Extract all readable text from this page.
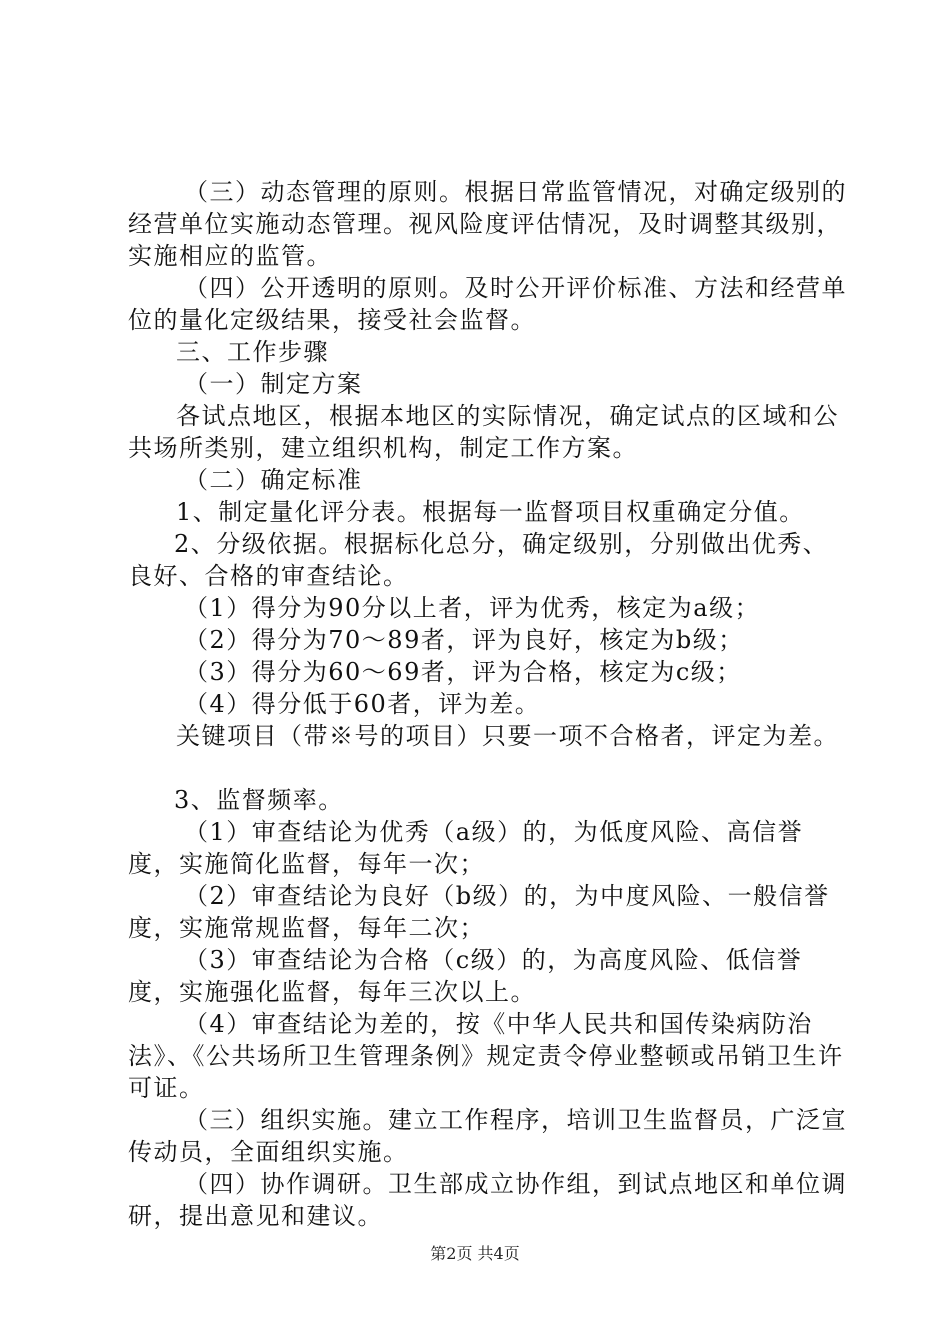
（三）动态管理的原则。根据日常监管情况，对确定级别的经营单位实施动态管理。视风险度评估情况，及时调整其级别，实施相应的监管。

（四）公开透明的原则。及时公开评价标准、方法和经营单位的量化定级结果，接受社会监督。

三、工作步骤

（一）制定方案

各试点地区，根据本地区的实际情况，确定试点的区域和公共场所类别，建立组织机构，制定工作方案。

（二）确定标准

1、制定量化评分表。根据每一监督项目权重确定分值。

2、分级依据。根据标化总分，确定级别，分别做出优秀、良好、合格的审查结论。

（1）得分为90分以上者，评为优秀，核定为a级；

（2）得分为70～89者，评为良好，核定为b级；

（3）得分为60～69者，评为合格，核定为c级；

（4）得分低于60者，评为差。

关键项目（带※号的项目）只要一项不合格者，评定为差。

3、监督频率。

（1）审查结论为优秀（a级）的，为低度风险、高信誉度，实施简化监督，每年一次；

（2）审查结论为良好（b级）的，为中度风险、一般信誉度，实施常规监督，每年二次；

（3）审查结论为合格（c级）的，为高度风险、低信誉度，实施强化监督，每年三次以上。

（4）审查结论为差的，按《中华人民共和国传染病防治法》、《公共场所卫生管理条例》规定责令停业整顿或吊销卫生许可证。

（三）组织实施。建立工作程序，培训卫生监督员，广泛宣传动员，全面组织实施。

（四）协作调研。卫生部成立协作组，到试点地区和单位调研，提出意见和建议。

第2页 共4页
